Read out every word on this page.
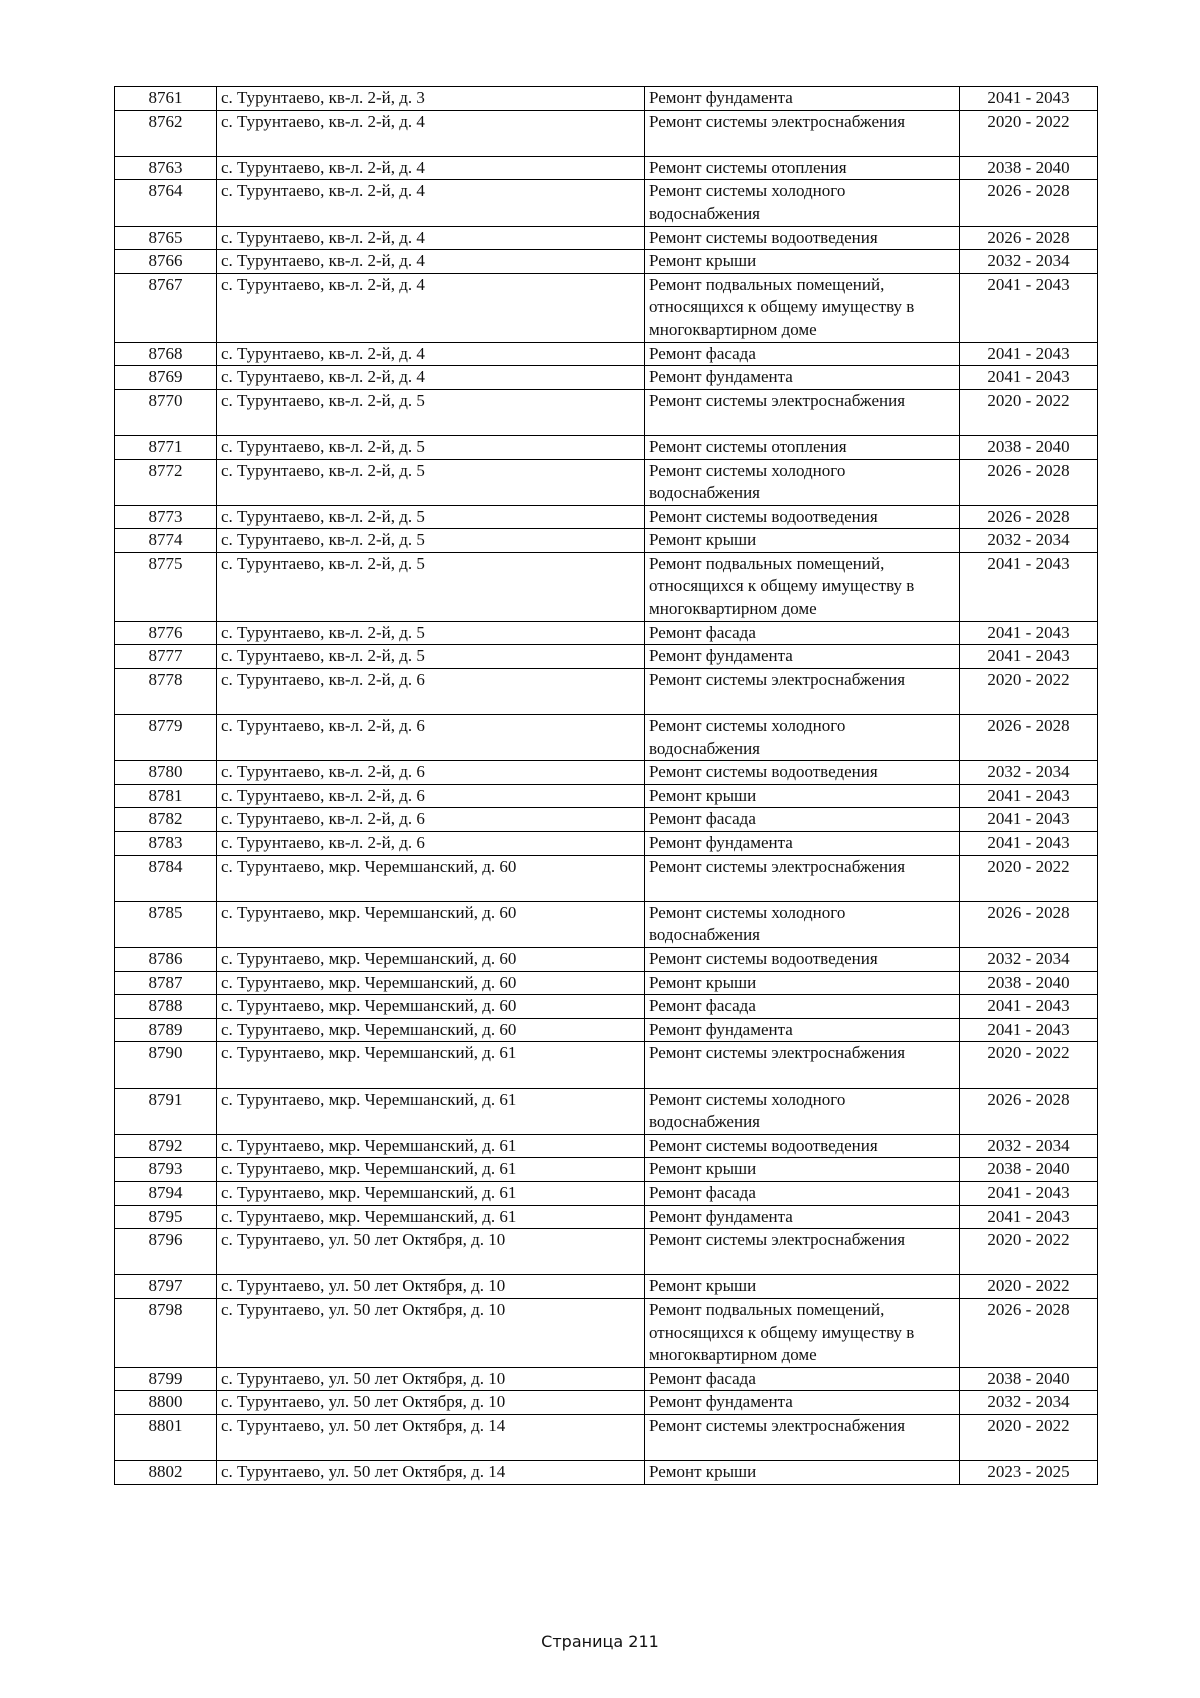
8761	с. Турунтаево, кв-л. 2-й, д. 3	Ремонт фундамента	2041 - 2043
8762	с. Турунтаево, кв-л. 2-й, д. 4	Ремонт системы электроснабжения	2020 - 2022
8763	с. Турунтаево, кв-л. 2-й, д. 4	Ремонт системы отопления	2038 - 2040
8764	с. Турунтаево, кв-л. 2-й, д. 4	Ремонт системы холодного водоснабжения	2026 - 2028
8765	с. Турунтаево, кв-л. 2-й, д. 4	Ремонт системы водоотведения	2026 - 2028
8766	с. Турунтаево, кв-л. 2-й, д. 4	Ремонт крыши	2032 - 2034
8767	с. Турунтаево, кв-л. 2-й, д. 4	Ремонт подвальных помещений, относящихся к общему имуществу в многоквартирном доме	2041 - 2043
8768	с. Турунтаево, кв-л. 2-й, д. 4	Ремонт фасада	2041 - 2043
8769	с. Турунтаево, кв-л. 2-й, д. 4	Ремонт фундамента	2041 - 2043
8770	с. Турунтаево, кв-л. 2-й, д. 5	Ремонт системы электроснабжения	2020 - 2022
8771	с. Турунтаево, кв-л. 2-й, д. 5	Ремонт системы отопления	2038 - 2040
8772	с. Турунтаево, кв-л. 2-й, д. 5	Ремонт системы холодного водоснабжения	2026 - 2028
8773	с. Турунтаево, кв-л. 2-й, д. 5	Ремонт системы водоотведения	2026 - 2028
8774	с. Турунтаево, кв-л. 2-й, д. 5	Ремонт крыши	2032 - 2034
8775	с. Турунтаево, кв-л. 2-й, д. 5	Ремонт подвальных помещений, относящихся к общему имуществу в многоквартирном доме	2041 - 2043
8776	с. Турунтаево, кв-л. 2-й, д. 5	Ремонт фасада	2041 - 2043
8777	с. Турунтаево, кв-л. 2-й, д. 5	Ремонт фундамента	2041 - 2043
8778	с. Турунтаево, кв-л. 2-й, д. 6	Ремонт системы электроснабжения	2020 - 2022
8779	с. Турунтаево, кв-л. 2-й, д. 6	Ремонт системы холодного водоснабжения	2026 - 2028
8780	с. Турунтаево, кв-л. 2-й, д. 6	Ремонт системы водоотведения	2032 - 2034
8781	с. Турунтаево, кв-л. 2-й, д. 6	Ремонт крыши	2041 - 2043
8782	с. Турунтаево, кв-л. 2-й, д. 6	Ремонт фасада	2041 - 2043
8783	с. Турунтаево, кв-л. 2-й, д. 6	Ремонт фундамента	2041 - 2043
8784	с. Турунтаево, мкр. Черемшанский, д. 60	Ремонт системы электроснабжения	2020 - 2022
8785	с. Турунтаево, мкр. Черемшанский, д. 60	Ремонт системы холодного водоснабжения	2026 - 2028
8786	с. Турунтаево, мкр. Черемшанский, д. 60	Ремонт системы водоотведения	2032 - 2034
8787	с. Турунтаево, мкр. Черемшанский, д. 60	Ремонт крыши	2038 - 2040
8788	с. Турунтаево, мкр. Черемшанский, д. 60	Ремонт фасада	2041 - 2043
8789	с. Турунтаево, мкр. Черемшанский, д. 60	Ремонт фундамента	2041 - 2043
8790	с. Турунтаево, мкр. Черемшанский, д. 61	Ремонт системы электроснабжения	2020 - 2022
8791	с. Турунтаево, мкр. Черемшанский, д. 61	Ремонт системы холодного водоснабжения	2026 - 2028
8792	с. Турунтаево, мкр. Черемшанский, д. 61	Ремонт системы водоотведения	2032 - 2034
8793	с. Турунтаево, мкр. Черемшанский, д. 61	Ремонт крыши	2038 - 2040
8794	с. Турунтаево, мкр. Черемшанский, д. 61	Ремонт фасада	2041 - 2043
8795	с. Турунтаево, мкр. Черемшанский, д. 61	Ремонт фундамента	2041 - 2043
8796	с. Турунтаево, ул. 50 лет Октября, д. 10	Ремонт системы электроснабжения	2020 - 2022
8797	с. Турунтаево, ул. 50 лет Октября, д. 10	Ремонт крыши	2020 - 2022
8798	с. Турунтаево, ул. 50 лет Октября, д. 10	Ремонт подвальных помещений, относящихся к общему имуществу в многоквартирном доме	2026 - 2028
8799	с. Турунтаево, ул. 50 лет Октября, д. 10	Ремонт фасада	2038 - 2040
8800	с. Турунтаево, ул. 50 лет Октября, д. 10	Ремонт фундамента	2032 - 2034
8801	с. Турунтаево, ул. 50 лет Октября, д. 14	Ремонт системы электроснабжения	2020 - 2022
8802	с. Турунтаево, ул. 50 лет Октября, д. 14	Ремонт крыши	2023 - 2025
Страница 211
